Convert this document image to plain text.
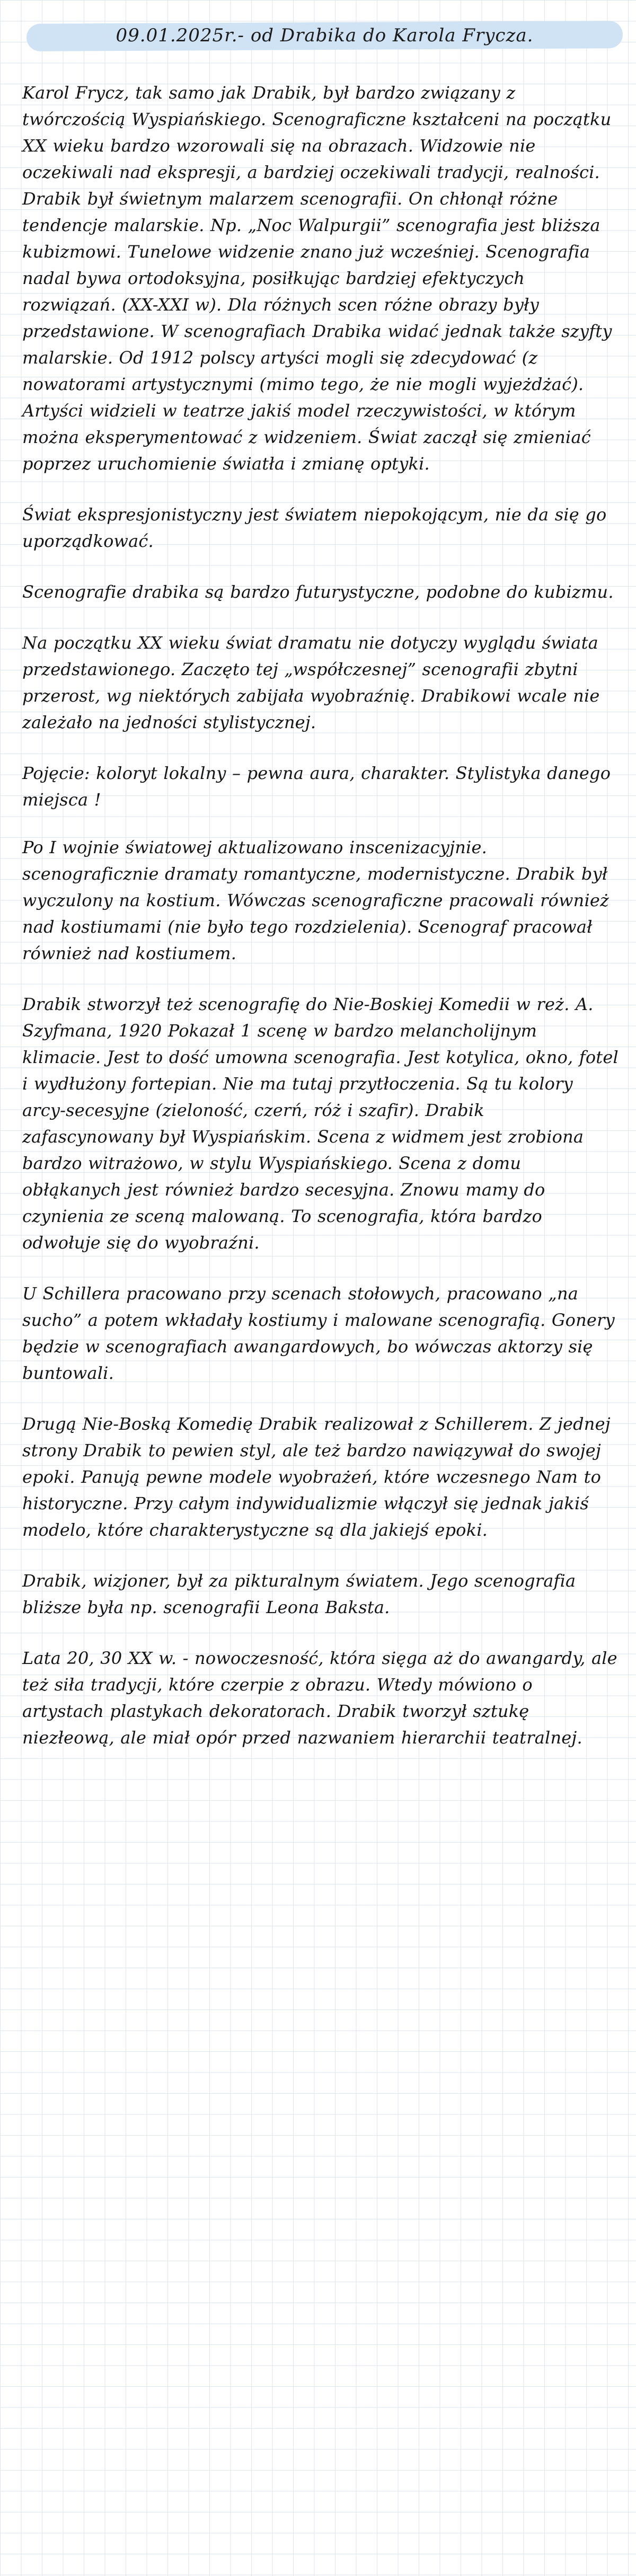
09.01.2025r.- od Drabika do Karola Frycza.

Karol Frycz, tak samo jak Drabik, był bardzo związany z twórczością Wyspiańskiego. Scenograficzne kształceni na początku XX wieku bardzo wzorowali się na obrazach. Widzowie nie oczekiwali nad ekspresji, a bardziej oczekiwali tradycji, realności. Drabik był świetnym malarzem scenografii. On chłonął różne tendencje malarskie. Np. „Noc Walpurgii” scenografia jest bliższa kubizmowi. Tunelowe widzenie znano już wcześniej. Scenografia nadal bywa ortodoksyjna, posiłkując bardziej efektyczych rozwiązań. (XX-XXI w). Dla różnych scen różne obrazy były przedstawione. W scenografiach Drabika widać jednak także szyfty malarskie. Od 1912 polscy artyści mogli się zdecydować (z nowatorami artystycznymi (mimo tego, że nie mogli wyjeżdżać). Artyści widzieli w teatrze jakiś model rzeczywistości, w którym można eksperymentować z widzeniem. Świat zaczął się zmieniać poprzez uruchomienie światła i zmianę optyki.

Świat ekspresjonistyczny jest światem niepokojącym, nie da się go uporządkować.

Scenografie drabika są bardzo futurystyczne, podobne do kubizmu.

Na początku XX wieku świat dramatu nie dotyczy wyglądu świata przedstawionego. Zaczęto tej „współczesnej” scenografii zbytni przerost, wg niektórych zabijała wyobraźnię. Drabikowi wcale nie zależało na jedności stylistycznej.

Pojęcie: koloryt lokalny – pewna aura, charakter. Stylistyka danego miejsca !

Po I wojnie światowej aktualizowano inscenizacyjnie. scenograficznie dramaty romantyczne, modernistyczne. Drabik był wyczulony na kostium. Wówczas scenograficzne pracowali również nad kostiumami (nie było tego rozdzielenia). Scenograf pracował również nad kostiumem.

Drabik stworzył też scenografię do Nie-Boskiej Komedii w reż. A. Szyfmana, 1920 Pokazał 1 scenę w bardzo melancholijnym klimacie. Jest to dość umowna scenografia. Jest kotylica, okno, fotel i wydłużony fortepian. Nie ma tutaj przytłoczenia. Są tu kolory arcy-secesyjne (zieloność, czerń, róż i szafir). Drabik zafascynowany był Wyspiańskim. Scena z widmem jest zrobiona bardzo witrażowo, w stylu Wyspiańskiego. Scena z domu obłąkanych jest również bardzo secesyjna. Znowu mamy do czynienia ze sceną malowaną. To scenografia, która bardzo odwołuje się do wyobraźni.

U Schillera pracowano przy scenach stołowych, pracowano „na sucho” a potem wkładały kostiumy i malowane scenografią. Gonery będzie w scenografiach awangardowych, bo wówczas aktorzy się buntowali.

Drugą Nie-Boską Komedię Drabik realizował z Schillerem. Z jednej strony Drabik to pewien styl, ale też bardzo nawiązywał do swojej epoki. Panują pewne modele wyobrażeń, które wczesnego Nam to historyczne. Przy całym indywidualizmie włączył się jednak jakiś modelo, które charakterystyczne są dla jakiejś epoki.

Drabik, wizjoner, był za pikturalnym światem. Jego scenografia bliższe była np. scenografii Leona Baksta.

Lata 20, 30 XX w. - nowoczesność, która sięga aż do awangardy, ale też siła tradycji, które czerpie z obrazu. Wtedy mówiono o artystach plastykach dekoratorach. Drabik tworzył sztukę niezłeową, ale miał opór przed nazwaniem hierarchii teatralnej.
